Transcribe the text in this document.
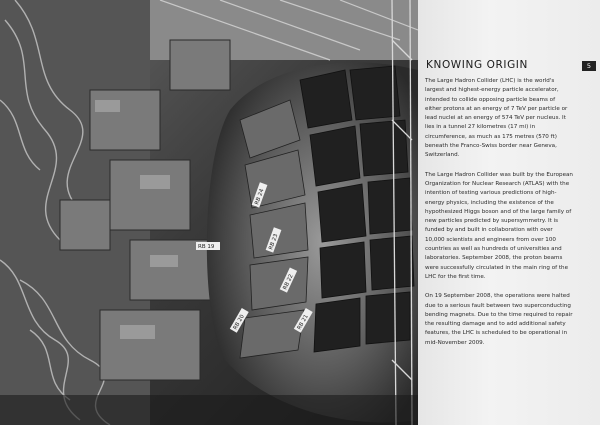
RB 24
RB 23
RB 22
RB 21
RB 20
RB 19
KNOWING ORIGIN	5

The Large Hadron Collider (LHC) is the world's largest and highest-energy particle accelerator, intended to collide opposing particle beams of either protons at an energy of 7 TeV per particle or lead nuclei at an energy of 574 TeV per nucleus. It lies in a tunnel 27 kilometres (17 mi) in circumference, as much as 175 metres (570 ft) beneath the Franco-Swiss border near Geneva, Switzerland.

The Large Hadron Collider was built by the European Organization for Nuclear Research (ATLAS) with the intention of testing various predictions of high-energy physics, including the existence of the hypothesized Higgs boson and of the large family of new particles predicted by supersymmetry. It is funded by and built in collaboration with over 10,000 scientists and engineers from over 100 countries as well as hundreds of universities and laboratories. September 2008, the proton beams were successfully circulated in the main ring of the LHC for the first time.

On 19 September 2008, the operations were halted due to a serious fault between two superconducting bending magnets. Due to the time required to repair the resulting damage and to add additional safety features, the LHC is scheduled to be operational in mid-November 2009.
